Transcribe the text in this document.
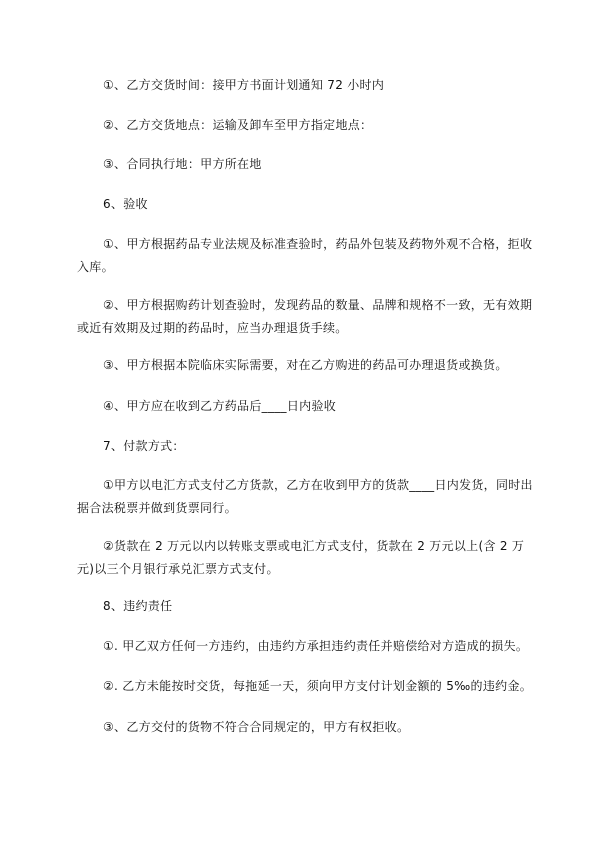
①、乙方交货时间：接甲方书面计划通知 72 小时内

②、乙方交货地点：运输及卸车至甲方指定地点：

③、合同执行地：甲方所在地

6、验收

①、甲方根据药品专业法规及标准查验时，药品外包装及药物外观不合格，拒收入库。

②、甲方根据购药计划查验时，发现药品的数量、品牌和规格不一致，无有效期或近有效期及过期的药品时，应当办理退货手续。

③、甲方根据本院临床实际需要，对在乙方购进的药品可办理退货或换货。

④、甲方应在收到乙方药品后____日内验收

7、付款方式：

①甲方以电汇方式支付乙方货款，乙方在收到甲方的货款____日内发货，同时出据合法税票并做到货票同行。

②货款在 2 万元以内以转账支票或电汇方式支付，货款在 2 万元以上(含 2 万元)以三个月银行承兑汇票方式支付。

8、违约责任

①. 甲乙双方任何一方违约，由违约方承担违约责任并赔偿给对方造成的损失。

②. 乙方未能按时交货，每拖延一天，须向甲方支付计划金额的 5‰的违约金。

③、乙方交付的货物不符合合同规定的，甲方有权拒收。
